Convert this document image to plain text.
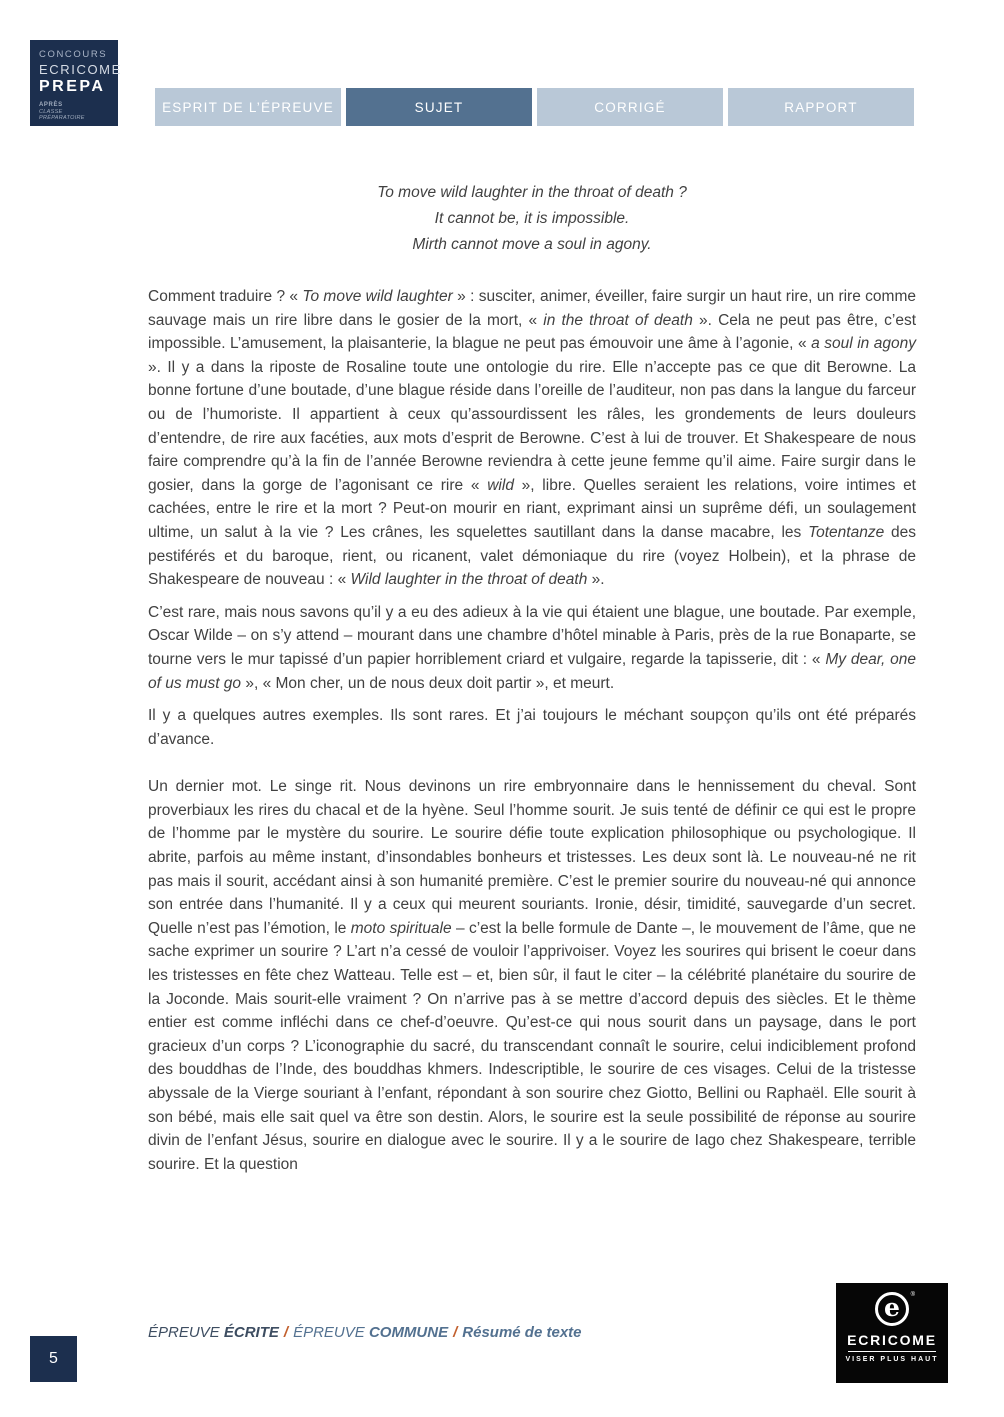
CONCOURS
ECRICOME
PREPA
APRÈS
CLASSE PRÉPARATOIRE
ESPRIT DE L’ÉPREUVE	SUJET	CORRIGÉ	RAPPORT
To move wild laughter in the throat of death ?
It cannot be, it is impossible.
Mirth cannot move a soul in agony.

Comment traduire ? « To move wild laughter » : susciter, animer, éveiller, faire surgir un haut rire, un rire comme sauvage mais un rire libre dans le gosier de la mort, « in the throat of death ». Cela ne peut pas être, c’est impossible. L’amusement, la plaisanterie, la blague ne peut pas émouvoir une âme à l’agonie, « a soul in agony ». Il y a dans la riposte de Rosaline toute une ontologie du rire. Elle n’accepte pas ce que dit Berowne. La bonne fortune d’une boutade, d’une blague réside dans l’oreille de l’auditeur, non pas dans la langue du farceur ou de l’humoriste. Il appartient à ceux qu’assourdissent les râles, les grondements de leurs douleurs d’entendre, de rire aux facéties, aux mots d’esprit de Berowne. C’est à lui de trouver. Et Shakespeare de nous faire comprendre qu’à la fin de l’année Berowne reviendra à cette jeune femme qu’il aime. Faire surgir dans le gosier, dans la gorge de l’agonisant ce rire « wild », libre. Quelles seraient les relations, voire intimes et cachées, entre le rire et la mort ? Peut-on mourir en riant, exprimant ainsi un suprême défi, un soulagement ultime, un salut à la vie ? Les crânes, les squelettes sautillant dans la danse macabre, les Totentanze des pestiférés et du baroque, rient, ou ricanent, valet démoniaque du rire (voyez Holbein), et la phrase de Shakespeare de nouveau : « Wild laughter in the throat of death ».

C’est rare, mais nous savons qu’il y a eu des adieux à la vie qui étaient une blague, une boutade. Par exemple, Oscar Wilde – on s’y attend – mourant dans une chambre d’hôtel minable à Paris, près de la rue Bonaparte, se tourne vers le mur tapissé d’un papier horriblement criard et vulgaire, regarde la tapisserie, dit : « My dear, one of us must go », « Mon cher, un de nous deux doit partir », et meurt.

Il y a quelques autres exemples. Ils sont rares. Et j’ai toujours le méchant soupçon qu’ils ont été préparés d’avance.

Un dernier mot. Le singe rit. Nous devinons un rire embryonnaire dans le hennissement du cheval. Sont proverbiaux les rires du chacal et de la hyène. Seul l’homme sourit. Je suis tenté de définir ce qui est le propre de l’homme par le mystère du sourire. Le sourire défie toute explication philosophique ou psychologique. Il abrite, parfois au même instant, d’insondables bonheurs et tristesses. Les deux sont là. Le nouveau-né ne rit pas mais il sourit, accédant ainsi à son humanité première. C’est le premier sourire du nouveau-né qui annonce son entrée dans l’humanité. Il y a ceux qui meurent souriants. Ironie, désir, timidité, sauvegarde d’un secret. Quelle n’est pas l’émotion, le moto spirituale – c’est la belle formule de Dante –, le mouvement de l’âme, que ne sache exprimer un sourire ? L’art n’a cessé de vouloir l’apprivoiser. Voyez les sourires qui brisent le coeur dans les tristesses en fête chez Watteau. Telle est – et, bien sûr, il faut le citer – la célébrité planétaire du sourire de la Joconde. Mais sourit-elle vraiment ? On n’arrive pas à se mettre d’accord depuis des siècles. Et le thème entier est comme infléchi dans ce chef-d’oeuvre. Qu’est-ce qui nous sourit dans un paysage, dans le port gracieux d’un corps ? L’iconographie du sacré, du transcendant connaît le sourire, celui indiciblement profond des bouddhas de l’Inde, des bouddhas khmers. Indescriptible, le sourire de ces visages. Celui de la tristesse abyssale de la Vierge souriant à l’enfant, répondant à son sourire chez Giotto, Bellini ou Raphaël. Elle sourit à son bébé, mais elle sait quel va être son destin. Alors, le sourire est la seule possibilité de réponse au sourire divin de l’enfant Jésus, sourire en dialogue avec le sourire. Il y a le sourire de Iago chez Shakespeare, terrible sourire. Et la question

ÉPREUVE ÉCRITE / ÉPREUVE COMMUNE / Résumé de texte
5
e ®
ECRICOME
VISER PLUS HAUT
